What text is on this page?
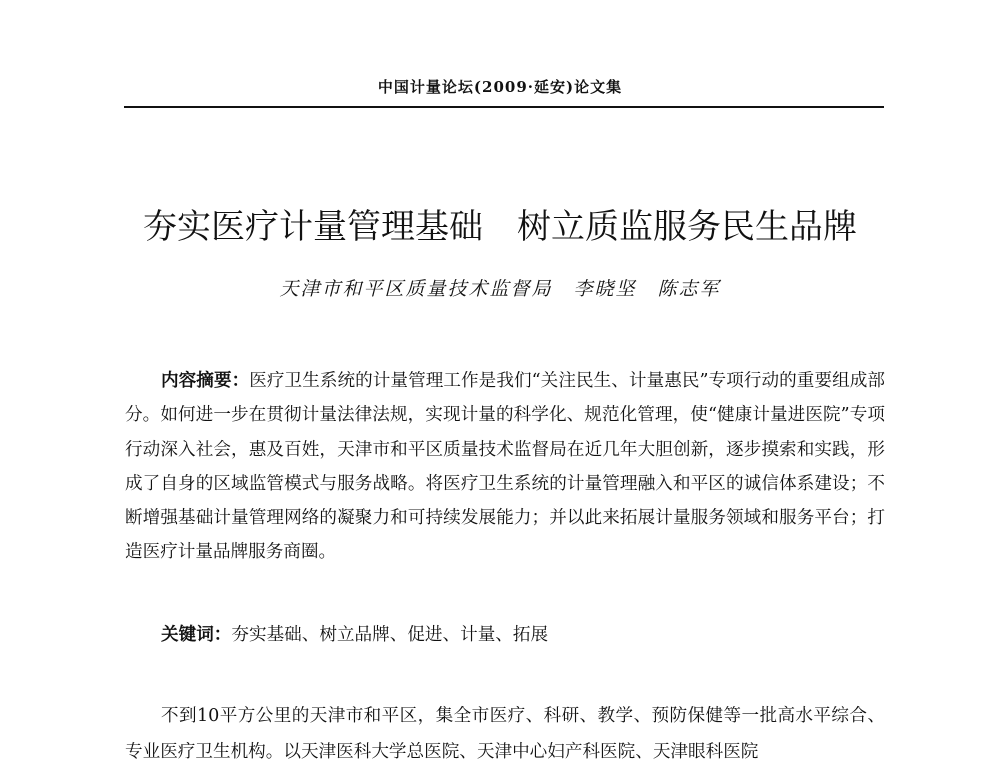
中国计量论坛(2009·延安)论文集
夯实医疗计量管理基础　树立质监服务民生品牌
天津市和平区质量技术监督局　李晓坚　陈志军

内容摘要：医疗卫生系统的计量管理工作是我们“关注民生、计量惠民”专项行动的重要组成部分。如何进一步在贯彻计量法律法规，实现计量的科学化、规范化管理，使“健康计量进医院”专项行动深入社会，惠及百姓，天津市和平区质量技术监督局在近几年大胆创新，逐步摸索和实践，形成了自身的区域监管模式与服务战略。将医疗卫生系统的计量管理融入和平区的诚信体系建设；不断增强基础计量管理网络的凝聚力和可持续发展能力；并以此来拓展计量服务领域和服务平台；打造医疗计量品牌服务商圈。

关键词：夯实基础、树立品牌、促进、计量、拓展

不到10平方公里的天津市和平区，集全市医疗、科研、教学、预防保健等一批高水平综合、专业医疗卫生机构。以天津医科大学总医院、天津中心妇产科医院、天津眼科医院
